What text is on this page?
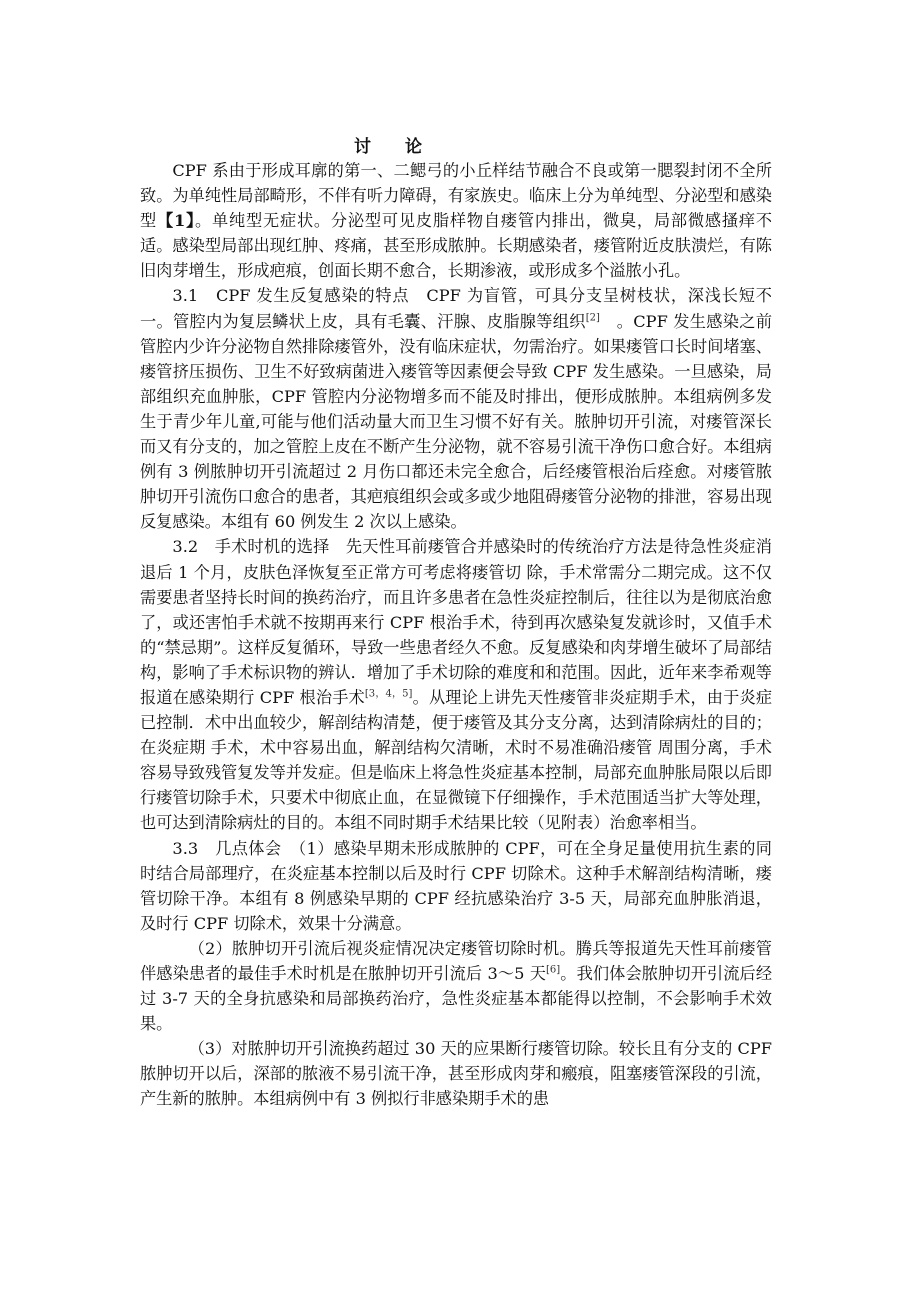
讨 论

CPF 系由于形成耳廓的第一、二鳃弓的小丘样结节融合不良或第一腮裂封闭不全所致。为单纯性局部畸形，不伴有听力障碍，有家族史。临床上分为单纯型、分泌型和感染型【1】。单纯型无症状。分泌型可见皮脂样物自瘘管内排出，微臭，局部微感搔痒不适。感染型局部出现红肿、疼痛，甚至形成脓肿。长期感染者，瘘管附近皮肤溃烂，有陈旧肉芽增生，形成疤痕，创面长期不愈合，长期渗液，或形成多个溢脓小孔。

3.1　CPF 发生反复感染的特点　CPF 为盲管，可具分支呈树枝状，深浅长短不一。管腔内为复层鳞状上皮，具有毛囊、汗腺、皮脂腺等组织[2]　。CPF 发生感染之前管腔内少许分泌物自然排除瘘管外，没有临床症状，勿需治疗。如果瘘管口长时间堵塞、瘘管挤压损伤、卫生不好致病菌进入瘘管等因素便会导致 CPF 发生感染。一旦感染，局部组织充血肿胀，CPF 管腔内分泌物增多而不能及时排出，便形成脓肿。本组病例多发生于青少年儿童,可能与他们活动量大而卫生习惯不好有关。脓肿切开引流，对瘘管深长而又有分支的，加之管腔上皮在不断产生分泌物，就不容易引流干净伤口愈合好。本组病例有 3 例脓肿切开引流超过 2 月伤口都还未完全愈合，后经瘘管根治后痊愈。对瘘管脓肿切开引流伤口愈合的患者，其疤痕组织会或多或少地阻碍瘘管分泌物的排泄，容易出现反复感染。本组有 60 例发生 2 次以上感染。

3.2　手术时机的选择　先天性耳前瘘管合并感染时的传统治疗方法是待急性炎症消退后 1 个月，皮肤色泽恢复至正常方可考虑将瘘管切 除，手术常需分二期完成。这不仅需要患者坚持长时间的换药治疗，而且许多患者在急性炎症控制后，往往以为是彻底治愈了，或还害怕手术就不按期再来行 CPF 根治手术，待到再次感染复发就诊时，又值手术的“禁忌期”。这样反复循环，导致一些患者经久不愈。反复感染和肉芽增生破坏了局部结构，影响了手术标识物的辨认．增加了手术切除的难度和和范围。因此，近年来李希观等报道在感染期行 CPF 根治手术[3，4，5]。从理论上讲先天性瘘管非炎症期手术，由于炎症已控制．术中出血较少，解剖结构清楚，便于瘘管及其分支分离，达到清除病灶的目的；在炎症期 手术，术中容易出血，解剖结构欠清晰，术时不易准确沿瘘管 周围分离，手术容易导致残管复发等并发症。但是临床上将急性炎症基本控制，局部充血肿胀局限以后即行瘘管切除手术，只要术中彻底止血，在显微镜下仔细操作，手术范围适当扩大等处理，也可达到清除病灶的目的。本组不同时期手术结果比较（见附表）治愈率相当。

3.3　几点体会　（1）感染早期未形成脓肿的 CPF，可在全身足量使用抗生素的同时结合局部理疗，在炎症基本控制以后及时行 CPF 切除术。这种手术解剖结构清晰，瘘管切除干净。本组有 8 例感染早期的 CPF 经抗感染治疗 3-5 天，局部充血肿胀消退，及时行 CPF 切除术，效果十分满意。

（2）脓肿切开引流后视炎症情况决定瘘管切除时机。腾兵等报道先天性耳前瘘管伴感染患者的最佳手术时机是在脓肿切开引流后 3～5 天[6]。我们体会脓肿切开引流后经过 3-7 天的全身抗感染和局部换药治疗，急性炎症基本都能得以控制，不会影响手术效果。

（3）对脓肿切开引流换药超过 30 天的应果断行瘘管切除。较长且有分支的 CPF 脓肿切开以后，深部的脓液不易引流干净，甚至形成肉芽和瘢痕，阻塞瘘管深段的引流，产生新的脓肿。本组病例中有 3 例拟行非感染期手术的患
